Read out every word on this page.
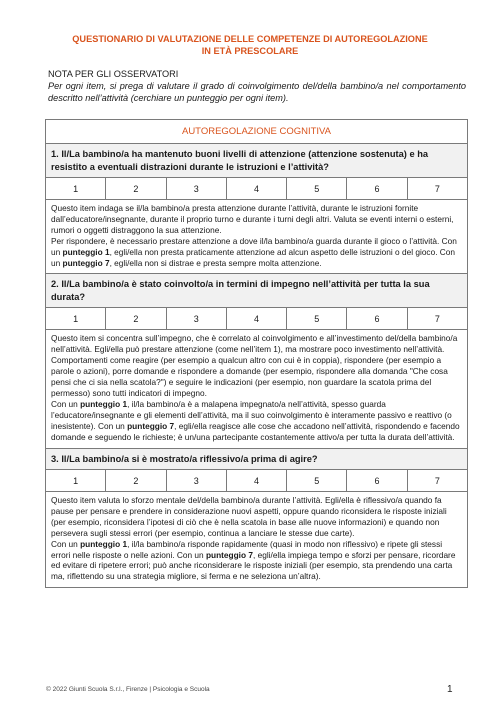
QUESTIONARIO DI VALUTAZIONE DELLE COMPETENZE DI AUTOREGOLAZIONE
IN ETÀ PRESCOLARE

NOTA PER GLI OSSERVATORI

Per ogni item, si prega di valutare il grado di coinvolgimento del/della bambino/a nel comportamento descritto nell’attività (cerchiare un punteggio per ogni item).

AUTOREGOLAZIONE COGNITIVA
1. Il/La bambino/a ha mantenuto buoni livelli di attenzione (attenzione sostenuta) e ha resistito a eventuali distrazioni durante le istruzioni e l’attività?
1	2	3	4	5	6	7

Questo item indaga se il/la bambino/a presta attenzione durante l’attività, durante le istruzioni fornite dall’educatore/insegnante, durante il proprio turno e durante i turni degli altri. Valuta se eventi interni o esterni, rumori o oggetti distraggono la sua attenzione.

Per rispondere, è necessario prestare attenzione a dove il/la bambino/a guarda durante il gioco o l’attività. Con un punteggio 1, egli/ella non presta praticamente attenzione ad alcun aspetto delle istruzioni o del gioco. Con un punteggio 7, egli/ella non si distrae e presta sempre molta attenzione.

2. Il/La bambino/a è stato coinvolto/a in termini di impegno nell’attività per tutta la sua durata?
1	2	3	4	5	6	7

Questo item si concentra sull’impegno, che è correlato al coinvolgimento e all’investimento del/della bambino/a nell’attività. Egli/ella può prestare attenzione (come nell’item 1), ma mostrare poco investimento nell’attività. Comportamenti come reagire (per esempio a qualcun altro con cui è in coppia), rispondere (per esempio a parole o azioni), porre domande e rispondere a domande (per esempio, rispondere alla domanda "Che cosa pensi che ci sia nella scatola?") e seguire le indicazioni (per esempio, non guardare la scatola prima del permesso) sono tutti indicatori di impegno.

Con un punteggio 1, il/la bambino/a è a malapena impegnato/a nell’attività, spesso guarda l’educatore/insegnante e gli elementi dell’attività, ma il suo coinvolgimento è interamente passivo e reattivo (o inesistente). Con un punteggio 7, egli/ella reagisce alle cose che accadono nell’attività, rispondendo e facendo domande e seguendo le richieste; è un/una partecipante costantemente attivo/a per tutta la durata dell’attività.

3. Il/La bambino/a si è mostrato/a riflessivo/a prima di agire?
1	2	3	4	5	6	7

Questo item valuta lo sforzo mentale del/della bambino/a durante l’attività. Egli/ella è riflessivo/a quando fa pause per pensare e prendere in considerazione nuovi aspetti, oppure quando riconsidera le risposte iniziali (per esempio, riconsidera l’ipotesi di ciò che è nella scatola in base alle nuove informazioni) e quando non persevera sugli stessi errori (per esempio, continua a lanciare le stesse due carte).

Con un punteggio 1, il/la bambino/a risponde rapidamente (quasi in modo non riflessivo) e ripete gli stessi errori nelle risposte o nelle azioni. Con un punteggio 7, egli/ella impiega tempo e sforzi per pensare, ricordare ed evitare di ripetere errori; può anche riconsiderare le risposte iniziali (per esempio, sta prendendo una carta ma, riflettendo su una strategia migliore, si ferma e ne seleziona un’altra).

© 2022 Giunti Scuola S.r.l., Firenze | Psicologia e Scuola	1
